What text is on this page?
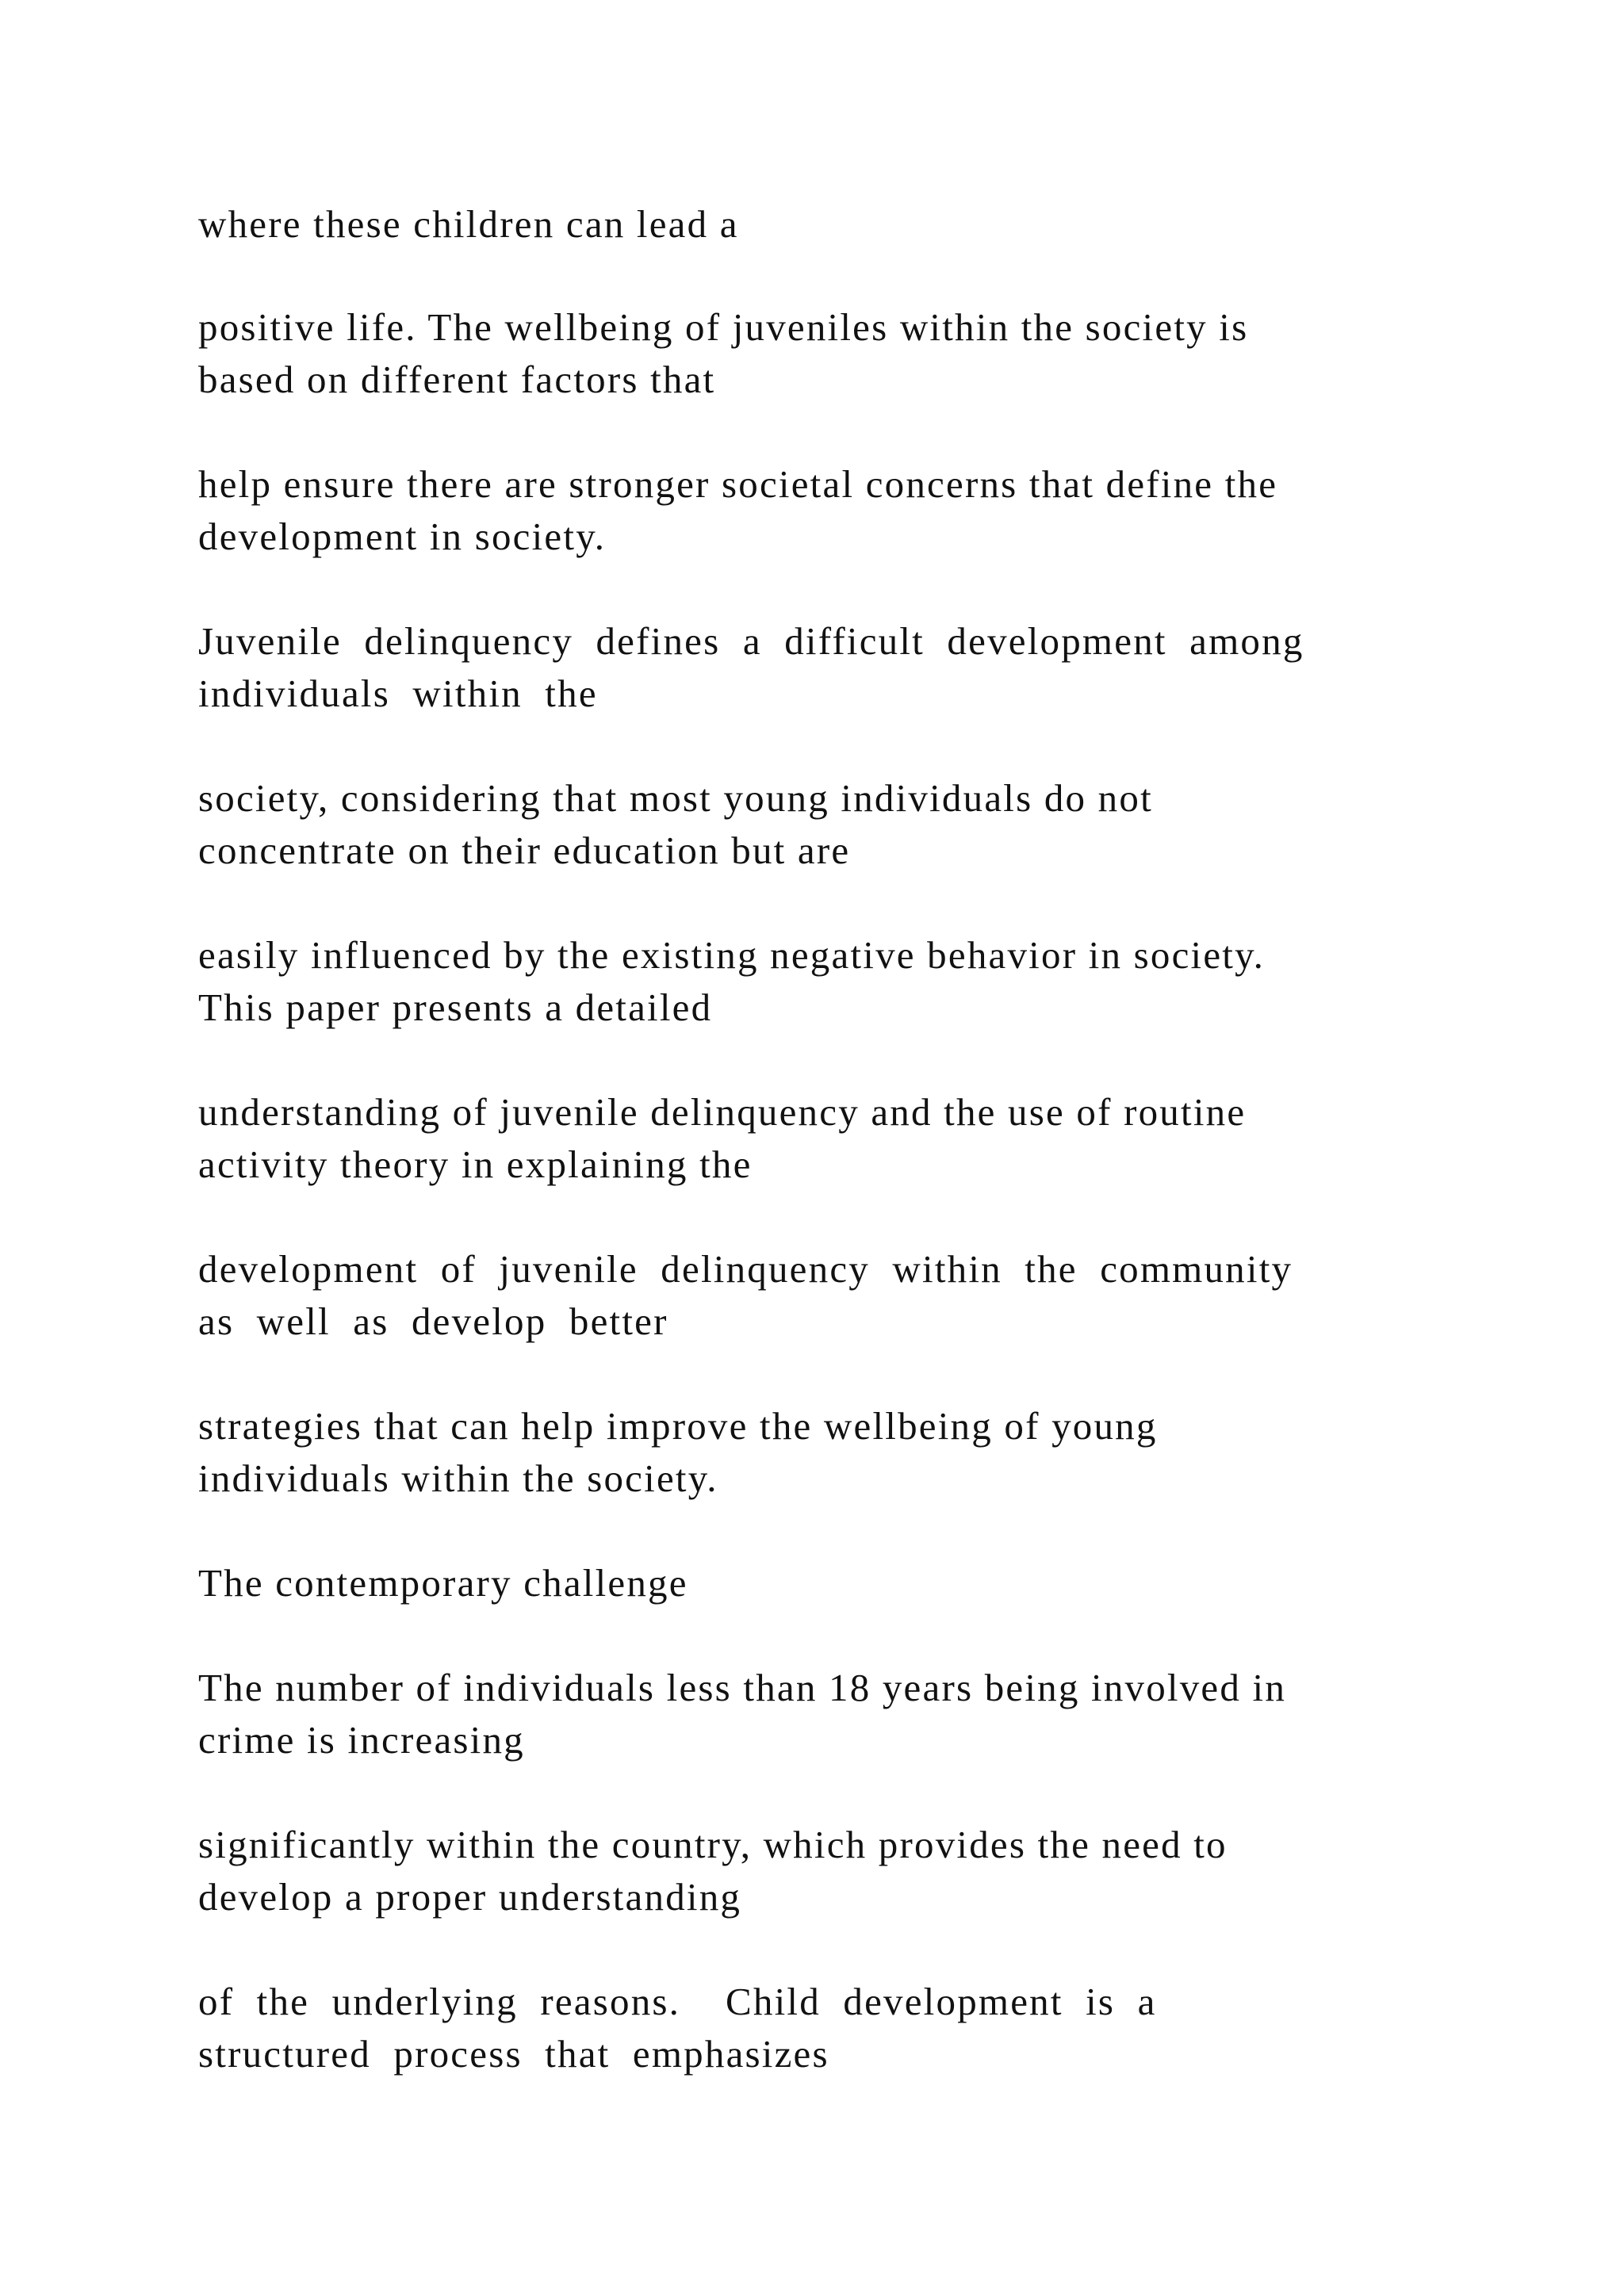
where these children can lead a

positive life. The wellbeing of juveniles within the society is
based on different factors that

help ensure there are stronger societal concerns that define the
development in society.

Juvenile delinquency defines a difficult development among
individuals within the

society, considering that most young individuals do not
concentrate on their education but are

easily influenced by the existing negative behavior in society.
This paper presents a detailed

understanding of juvenile delinquency and the use of routine
activity theory in explaining the

development of juvenile delinquency within the community
as well as develop better

strategies that can help improve the wellbeing of young
individuals within the society.

The contemporary challenge

The number of individuals less than 18 years being involved in
crime is increasing

significantly within the country, which provides the need to
develop a proper understanding

of the underlying reasons.  Child development is a
structured process that emphasizes
